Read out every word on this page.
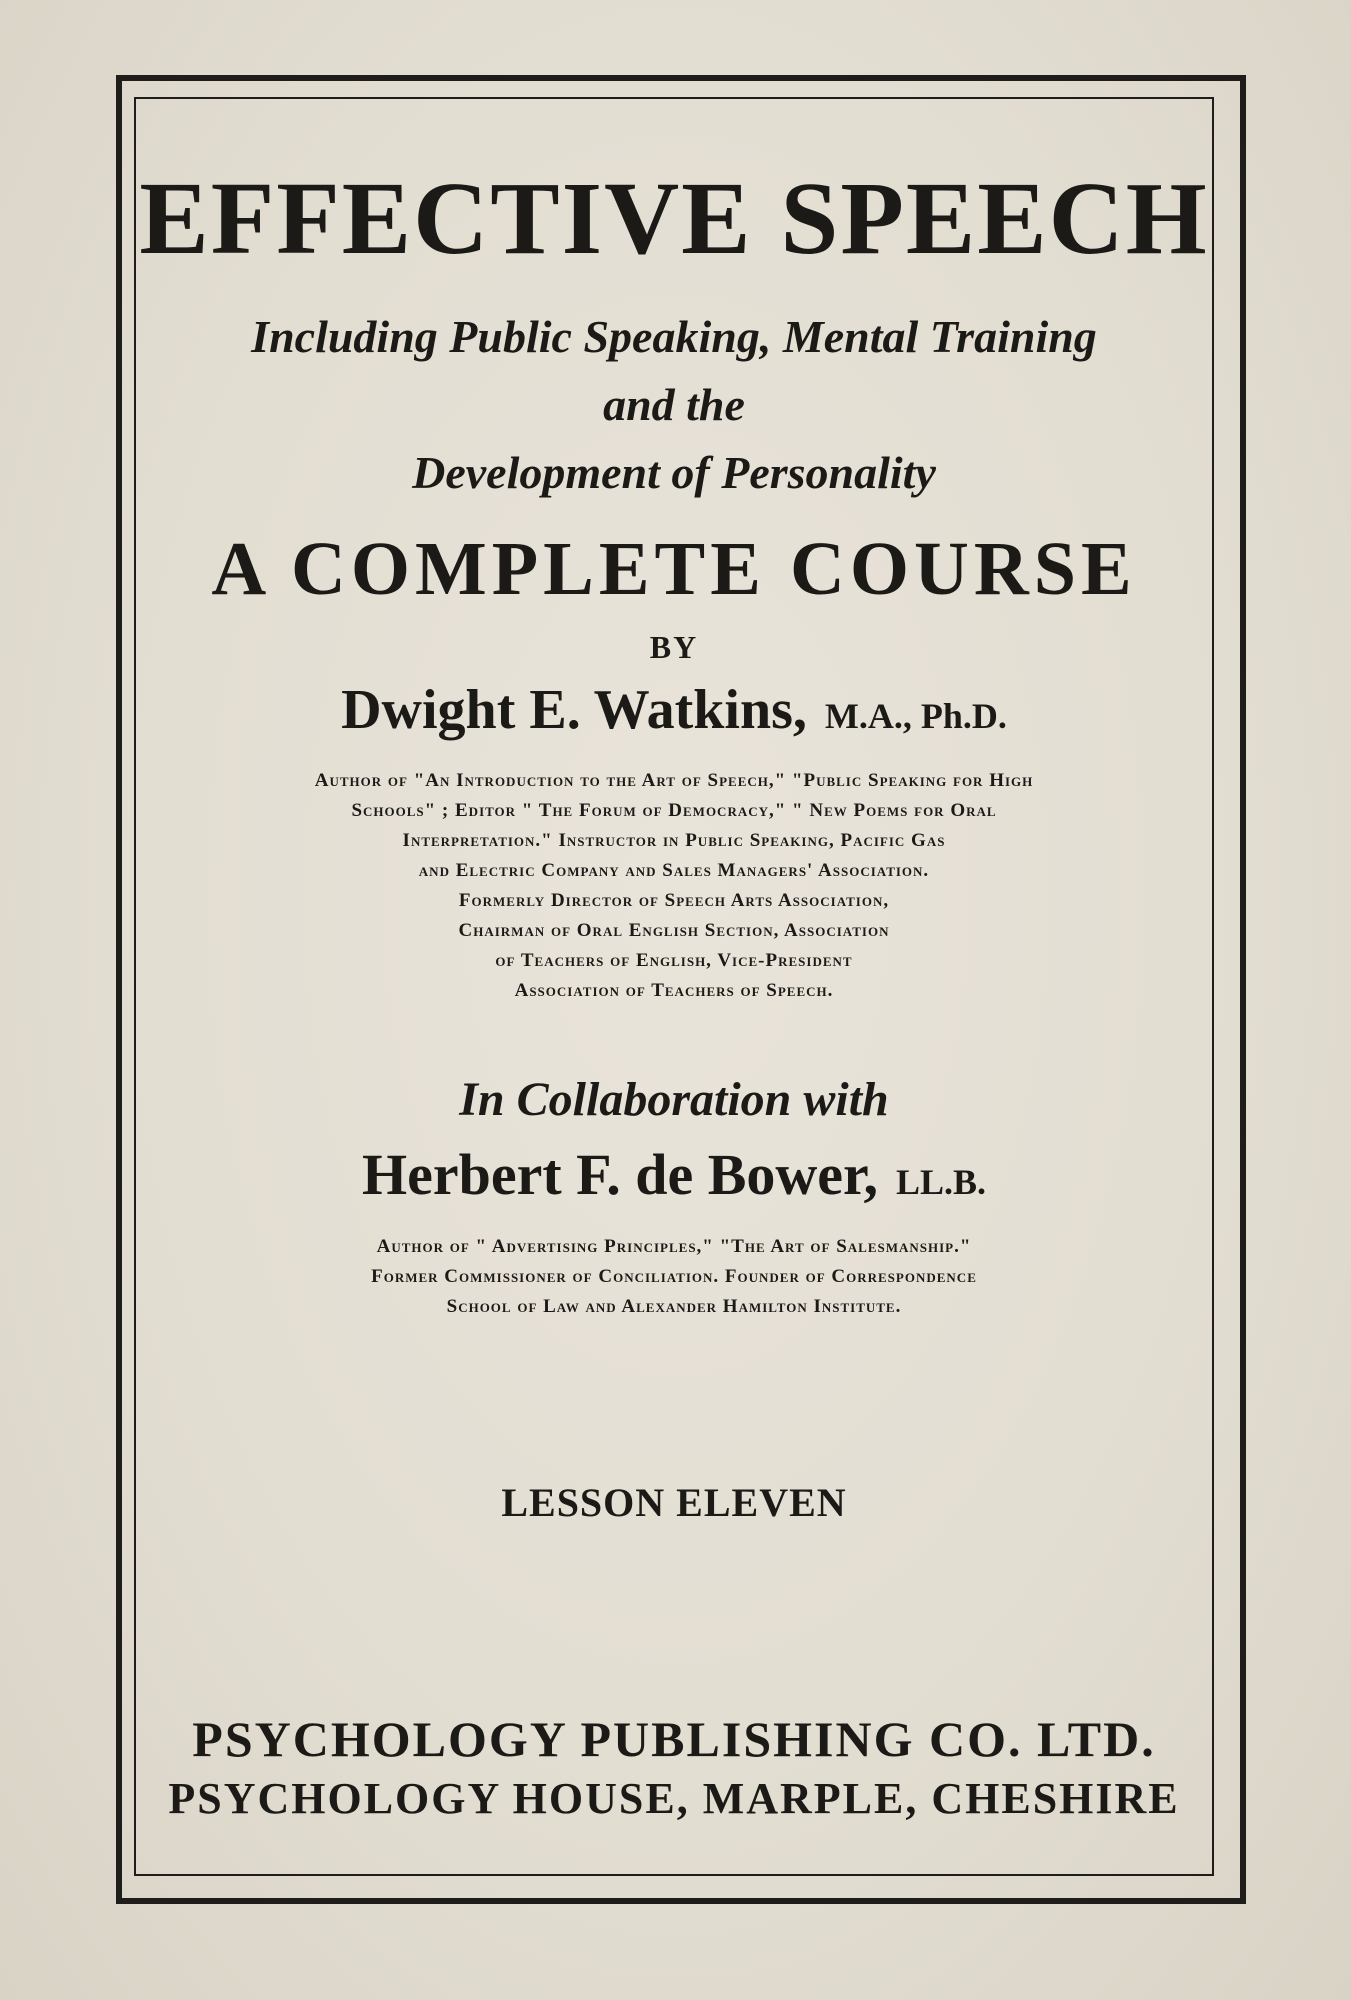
EFFECTIVE SPEECH
Including Public Speaking, Mental Training
and the
Development of Personality
A COMPLETE COURSE
BY
Dwight E. Watkins, M.A., Ph.D.
Author of "An Introduction to the Art of Speech," "Public Speaking for High
Schools" ; Editor " The Forum of Democracy," " New Poems for Oral
Interpretation." Instructor in Public Speaking, Pacific Gas
and Electric Company and Sales Managers' Association.
Formerly Director of Speech Arts Association,
Chairman of Oral English Section, Association
of Teachers of English, Vice-President
Association of Teachers of Speech.
In Collaboration with
Herbert F. de Bower, LL.B.
Author of " Advertising Principles," "The Art of Salesmanship."
Former Commissioner of Conciliation. Founder of Correspondence
School of Law and Alexander Hamilton Institute.
LESSON ELEVEN
PSYCHOLOGY PUBLISHING CO. LTD.
PSYCHOLOGY HOUSE, MARPLE, CHESHIRE
